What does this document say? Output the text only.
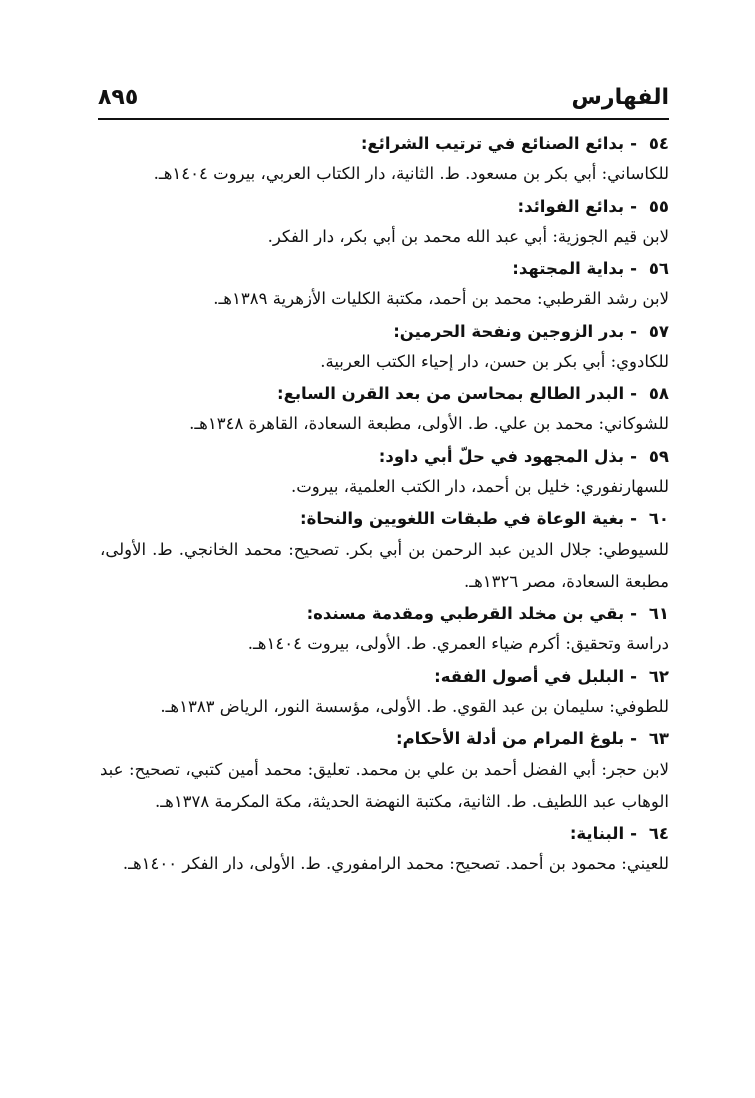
الفهارس
٨٩٥
٥٤-بدائع الصنائع في ترتيب الشرائع:
للكاساني: أبي بكر بن مسعود. ط. الثانية، دار الكتاب العربي، بيروت ١٤٠٤هـ.
٥٥-بدائع الفوائد:
لابن قيم الجوزية: أبي عبد الله محمد بن أبي بكر، دار الفكر.
٥٦-بداية المجتهد:
لابن رشد القرطبي: محمد بن أحمد، مكتبة الكليات الأزهرية ١٣٨٩هـ.
٥٧-بدر الزوجين ونفحة الحرمين:
للكادوي: أبي بكر بن حسن، دار إحياء الكتب العربية.
٥٨-البدر الطالع بمحاسن من بعد القرن السابع:
للشوكاني: محمد بن علي. ط. الأولى، مطبعة السعادة، القاهرة ١٣٤٨هـ.
٥٩-بذل المجهود في حلّ أبي داود:
للسهارنفوري: خليل بن أحمد، دار الكتب العلمية، بيروت.
٦٠-بغية الوعاة في طبقات اللغويين والنحاة:
للسيوطي: جلال الدين عبد الرحمن بن أبي بكر. تصحيح: محمد الخانجي. ط. الأولى، مطبعة السعادة، مصر ١٣٢٦هـ.
٦١-بقي بن مخلد القرطبي ومقدمة مسنده:
دراسة وتحقيق: أكرم ضياء العمري. ط. الأولى، بيروت ١٤٠٤هـ.
٦٢-البلبل في أصول الفقه:
للطوفي: سليمان بن عبد القوي. ط. الأولى، مؤسسة النور، الرياض ١٣٨٣هـ.
٦٣-بلوغ المرام من أدلة الأحكام:
لابن حجر: أبي الفضل أحمد بن علي بن محمد. تعليق: محمد أمين كتبي، تصحيح: عبد الوهاب عبد اللطيف. ط. الثانية، مكتبة النهضة الحديثة، مكة المكرمة ١٣٧٨هـ.
٦٤-البناية:
للعيني: محمود بن أحمد. تصحيح: محمد الرامفوري. ط. الأولى، دار الفكر ١٤٠٠هـ.
